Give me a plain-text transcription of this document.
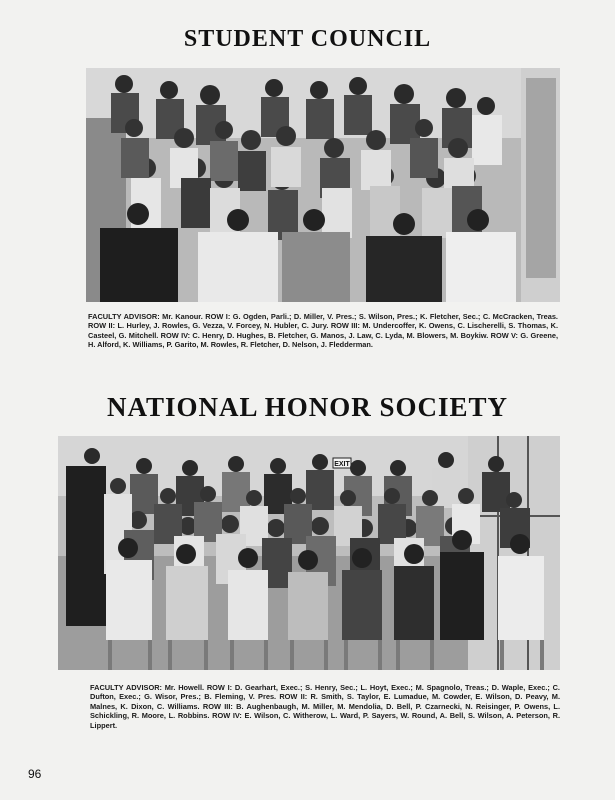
STUDENT COUNCIL
FACULTY ADVISOR: Mr. Kanour. ROW I: G. Ogden, Parli.; D. Miller, V. Pres.; S. Wilson, Pres.; K. Fletcher, Sec.; C. McCracken, Treas. ROW II: L. Hurley, J. Rowles, G. Vezza, V. Forcey, N. Hubler, C. Jury. ROW III: M. Undercoffer, K. Owens, C. Lischerelli, S. Thomas, K. Casteel, G. Mitchell. ROW IV: C. Henry, D. Hughes, B. Fletcher, G. Manos, J. Law, C. Lyda, M. Blowers, M. Boykiw. ROW V: G. Greene, H. Alford, K. Williams, P. Garito, M. Rowles, R. Fletcher, D. Nelson, J. Fledderman.
NATIONAL HONOR SOCIETY
EXIT
FACULTY ADVISOR: Mr. Howell. ROW I: D. Gearhart, Exec.; S. Henry, Sec.; L. Hoyt, Exec.; M. Spagnolo, Treas.; D. Waple, Exec.; C. Dufton, Exec.; G. Wisor, Pres.; B. Fleming, V. Pres. ROW II: R. Smith, S. Taylor, E. Lumadue, M. Cowder, E. Wilson, D. Peavy, M. Malnes, K. Dixon, C. Williams. ROW III: B. Aughenbaugh, M. Miller, M. Mendolia, D. Bell, P. Czarnecki, N. Reisinger, P. Owens, L. Schickling, R. Moore, L. Robbins. ROW IV: E. Wilson, C. Witherow, L. Ward, P. Sayers, W. Round, A. Bell, S. Wilson, A. Peterson, R. Lippert.
96
